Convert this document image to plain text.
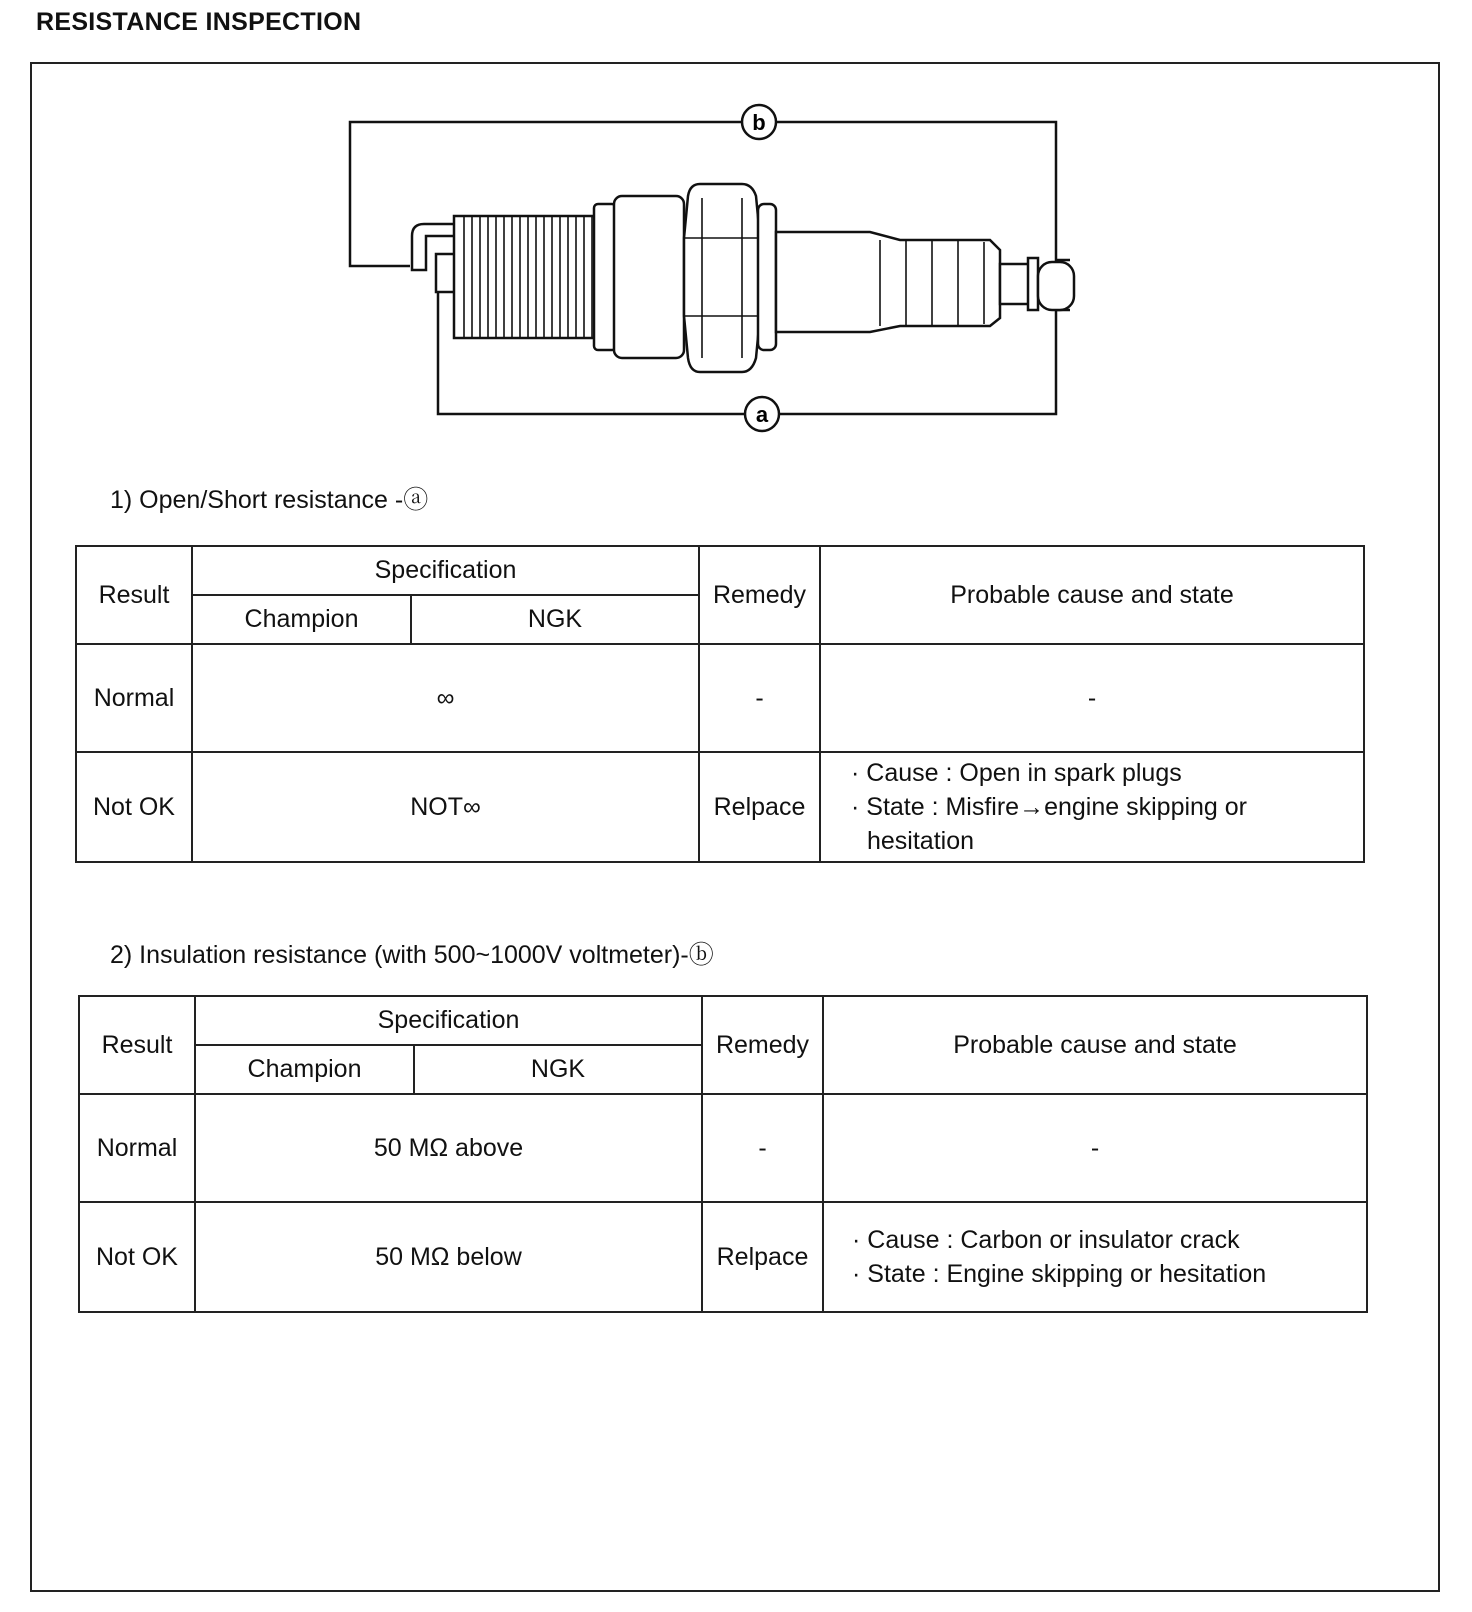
RESISTANCE INSPECTION
b
a
1) Open/Short resistance -ⓐ
Result	Specification		Remedy	Probable cause and state
	Champion	NGK		
Normal	∞		-	-
Not OK	NOT∞		Relpace	· Cause : Open in spark plugs
· State : Misfire→engine skipping or hesitation
2) Insulation resistance (with 500~1000V voltmeter)-ⓑ
Result	Specification		Remedy	Probable cause and state
	Champion	NGK		
Normal	50 MΩ above		-	-
Not OK	50 MΩ below		Relpace	· Cause : Carbon or insulator crack
· State : Engine skipping or hesitation
